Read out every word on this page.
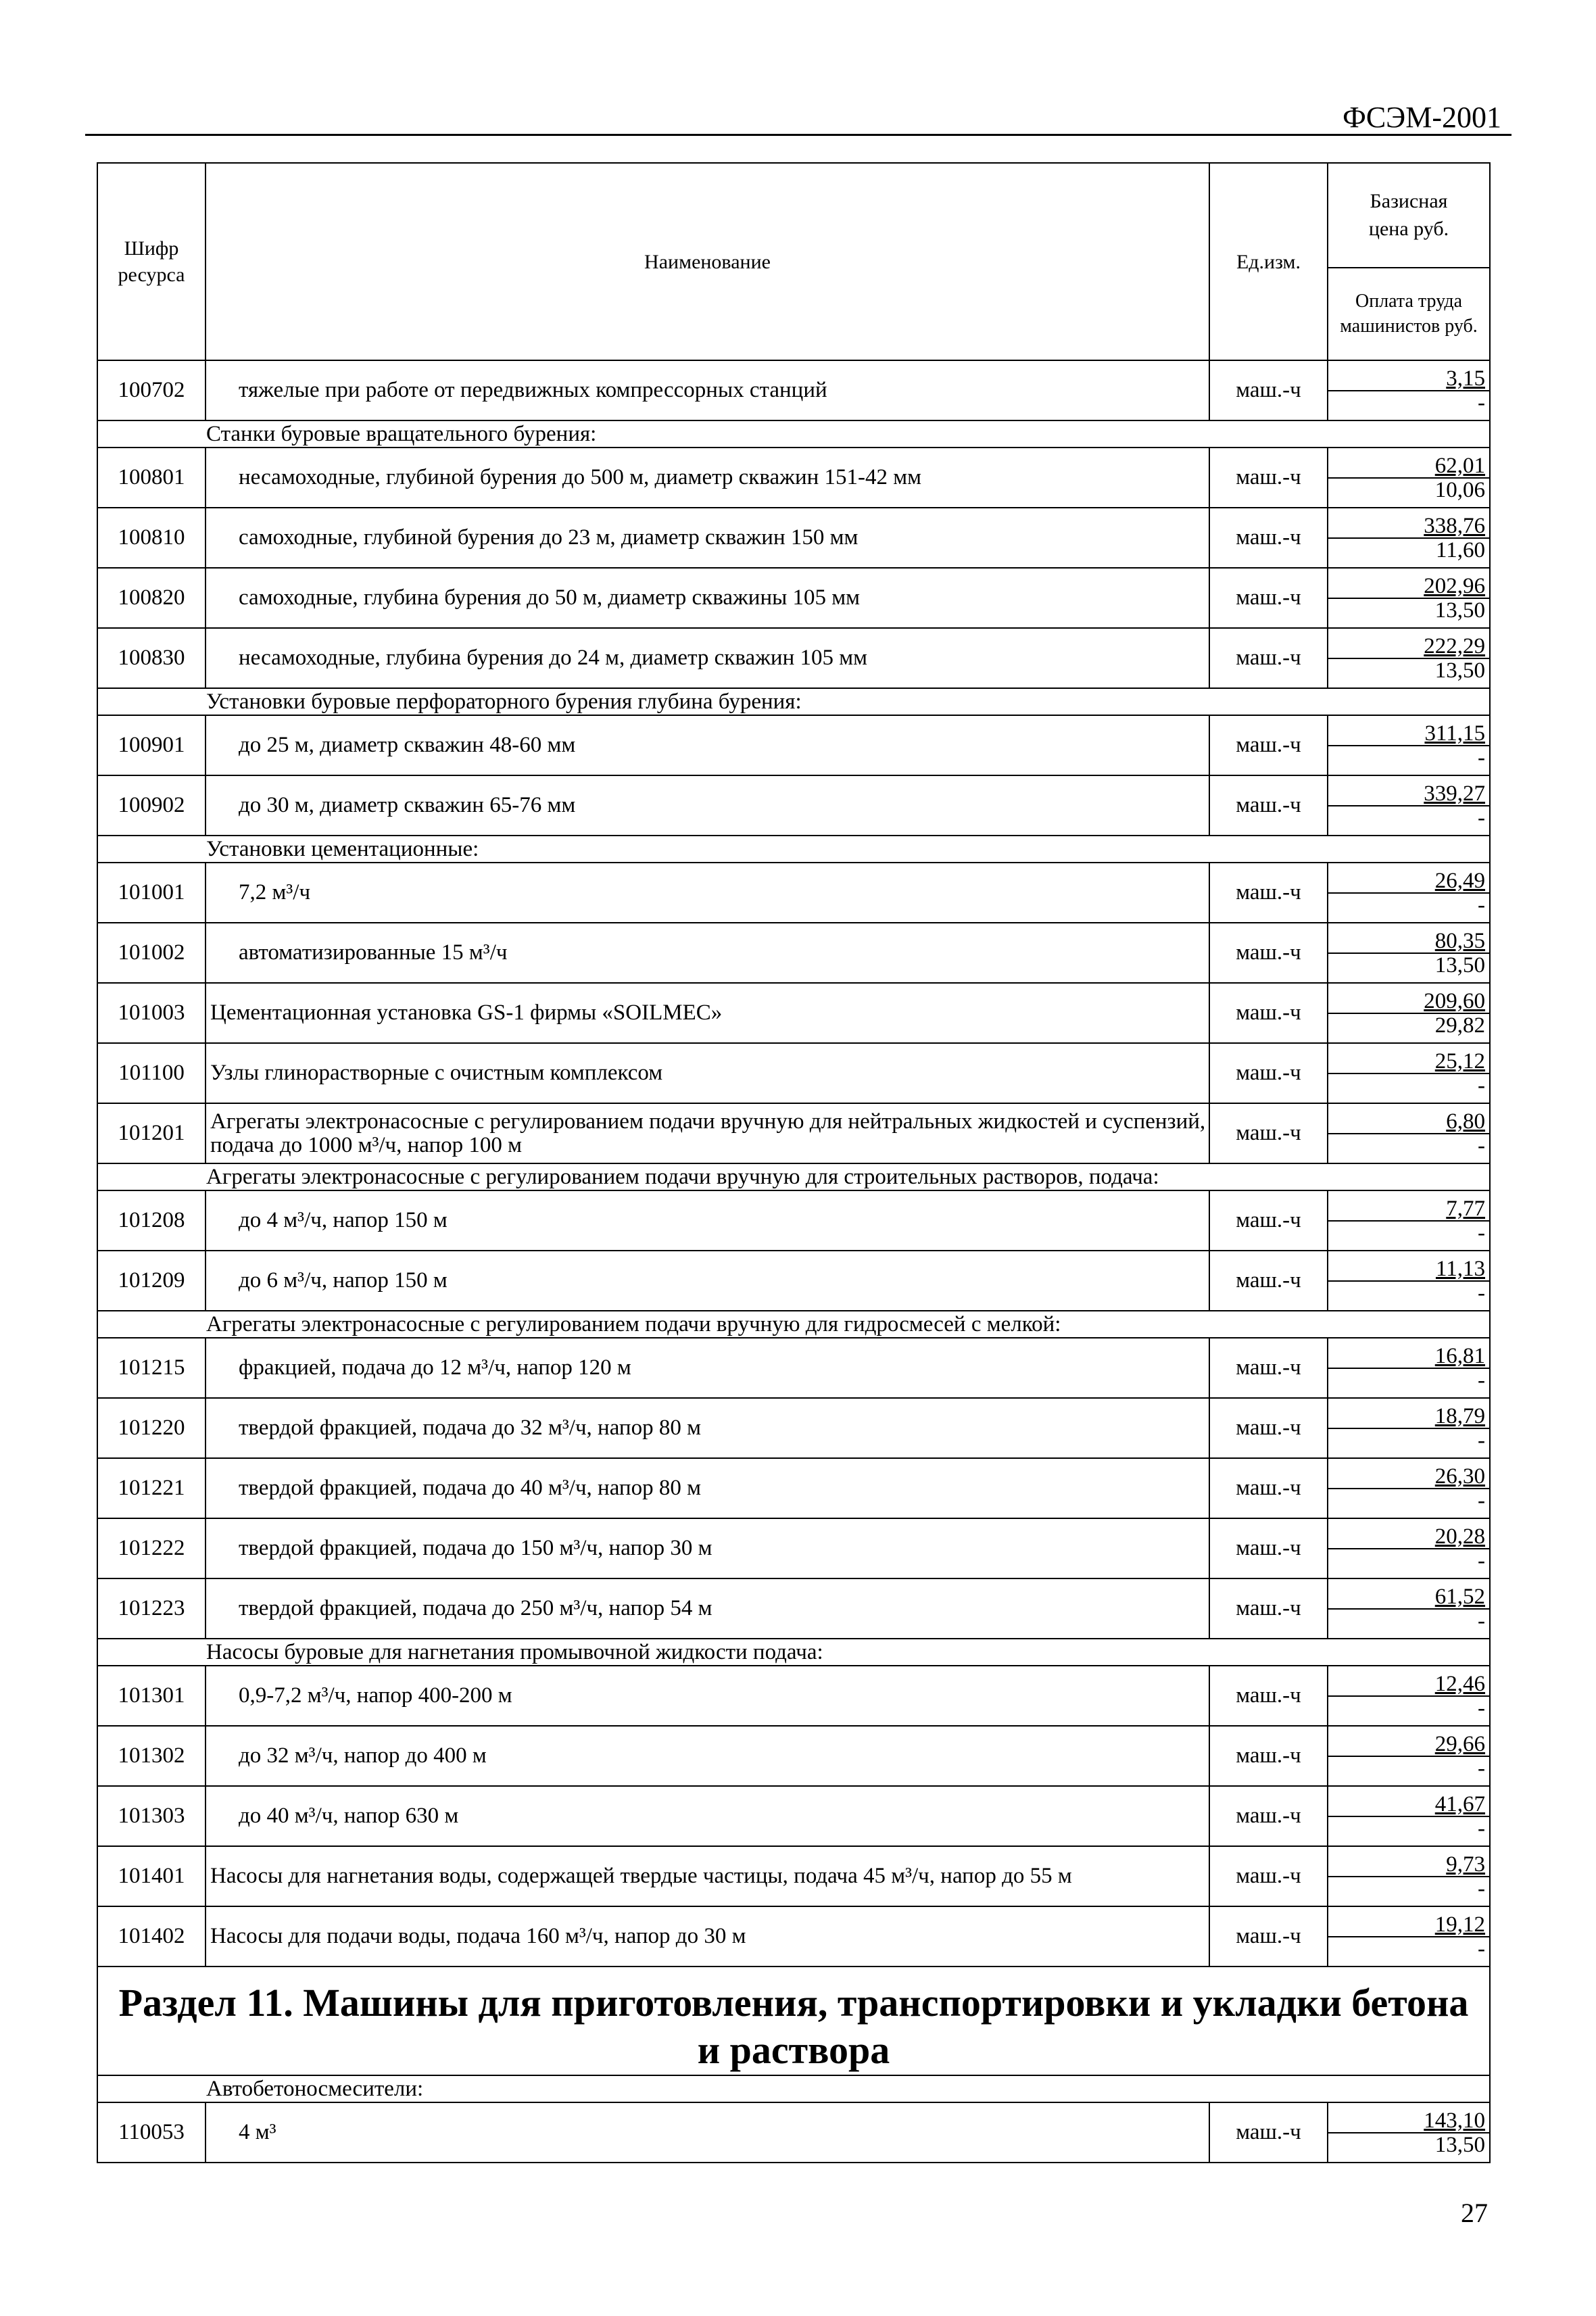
ФСЭМ-2001
Шифр ресурса	Наименование	Ед.изм.	Базисная цена руб.

			Оплата труда машинистов руб.

100702	тяжелые при работе от передвижных компрессорных станций	маш.-ч	3,15
-

Станки буровые вращательного бурения:			
100801	несамоходные, глубиной бурения до 500 м, диаметр скважин 151-42 мм	маш.-ч	62,01
10,06

100810	самоходные, глубиной бурения до 23 м, диаметр скважин 150 мм	маш.-ч	338,76
11,60

100820	самоходные, глубина бурения до 50 м, диаметр скважины 105 мм	маш.-ч	202,96
13,50

100830	несамоходные, глубина бурения до 24 м, диаметр скважин 105 мм	маш.-ч	222,29
13,50

Установки буровые перфораторного бурения глубина бурения:			
100901	до 25 м, диаметр скважин 48-60 мм	маш.-ч	311,15
-

100902	до 30 м, диаметр скважин 65-76 мм	маш.-ч	339,27
-

Установки цементационные:			
101001	7,2 м³/ч	маш.-ч	26,49
-

101002	автоматизированные 15 м³/ч	маш.-ч	80,35
13,50

101003	Цементационная установка GS-1 фирмы «SOILMEC»	маш.-ч	209,60
29,82

101100	Узлы глинорастворные с очистным комплексом	маш.-ч	25,12
-

101201	Агрегаты электронасосные с регулированием подачи вручную для нейтральных жидкостей и суспензий, подача до 1000 м³/ч, напор 100 м	маш.-ч	6,80
-

Агрегаты электронасосные с регулированием подачи вручную для строительных растворов, подача:			
101208	до 4 м³/ч, напор 150 м	маш.-ч	7,77
-

101209	до 6 м³/ч, напор 150 м	маш.-ч	11,13
-

Агрегаты электронасосные с регулированием подачи вручную для гидросмесей с мелкой:			
101215	фракцией, подача до 12 м³/ч, напор 120 м	маш.-ч	16,81
-

101220	твердой фракцией, подача до 32 м³/ч, напор 80 м	маш.-ч	18,79
-

101221	твердой фракцией, подача до 40 м³/ч, напор 80 м	маш.-ч	26,30
-

101222	твердой фракцией, подача до 150 м³/ч, напор 30 м	маш.-ч	20,28
-

101223	твердой фракцией, подача до 250 м³/ч, напор 54 м	маш.-ч	61,52
-

Насосы буровые для нагнетания промывочной жидкости подача:			
101301	0,9-7,2 м³/ч, напор 400-200 м	маш.-ч	12,46
-

101302	до 32 м³/ч, напор до 400 м	маш.-ч	29,66
-

101303	до 40 м³/ч, напор 630 м	маш.-ч	41,67
-

101401	Насосы для нагнетания воды, содержащей твердые частицы, подача 45 м³/ч, напор до 55 м	маш.-ч	9,73
-

101402	Насосы для подачи воды, подача 160 м³/ч, напор до 30 м	маш.-ч	19,12
-

Раздел 11. Машины для приготовления, транспортировки и укладки бетона и раствора			
Автобетоносмесители:			
110053	4 м³	маш.-ч	143,10
13,50
27
